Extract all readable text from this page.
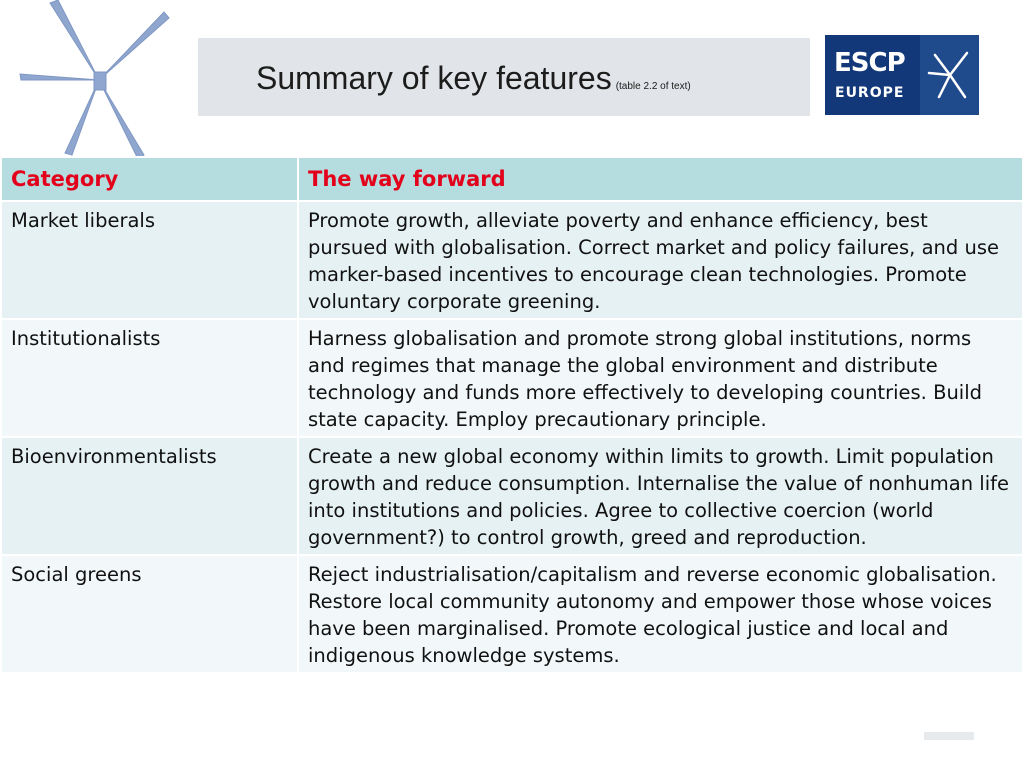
Summary of key features (table 2.2 of text)
ESCP
EUROPE
Category	The way forward
Market liberals	Promote growth, alleviate poverty and enhance efficiency, best pursued with globalisation. Correct market and policy failures, and use marker-based incentives to encourage clean technologies. Promote voluntary corporate greening.
Institutionalists	Harness globalisation and promote strong global institutions, norms and regimes that manage the global environment and distribute technology and funds more effectively to developing countries. Build state capacity. Employ precautionary principle.
Bioenvironmentalists	Create a new global economy within limits to growth. Limit population growth and reduce consumption. Internalise the value of nonhuman life into institutions and policies. Agree to collective coercion (world government?) to control growth, greed and reproduction.
Social greens	Reject industrialisation/capitalism and reverse economic globalisation. Restore local community autonomy and empower those whose voices have been marginalised. Promote ecological justice and local and indigenous knowledge systems.
